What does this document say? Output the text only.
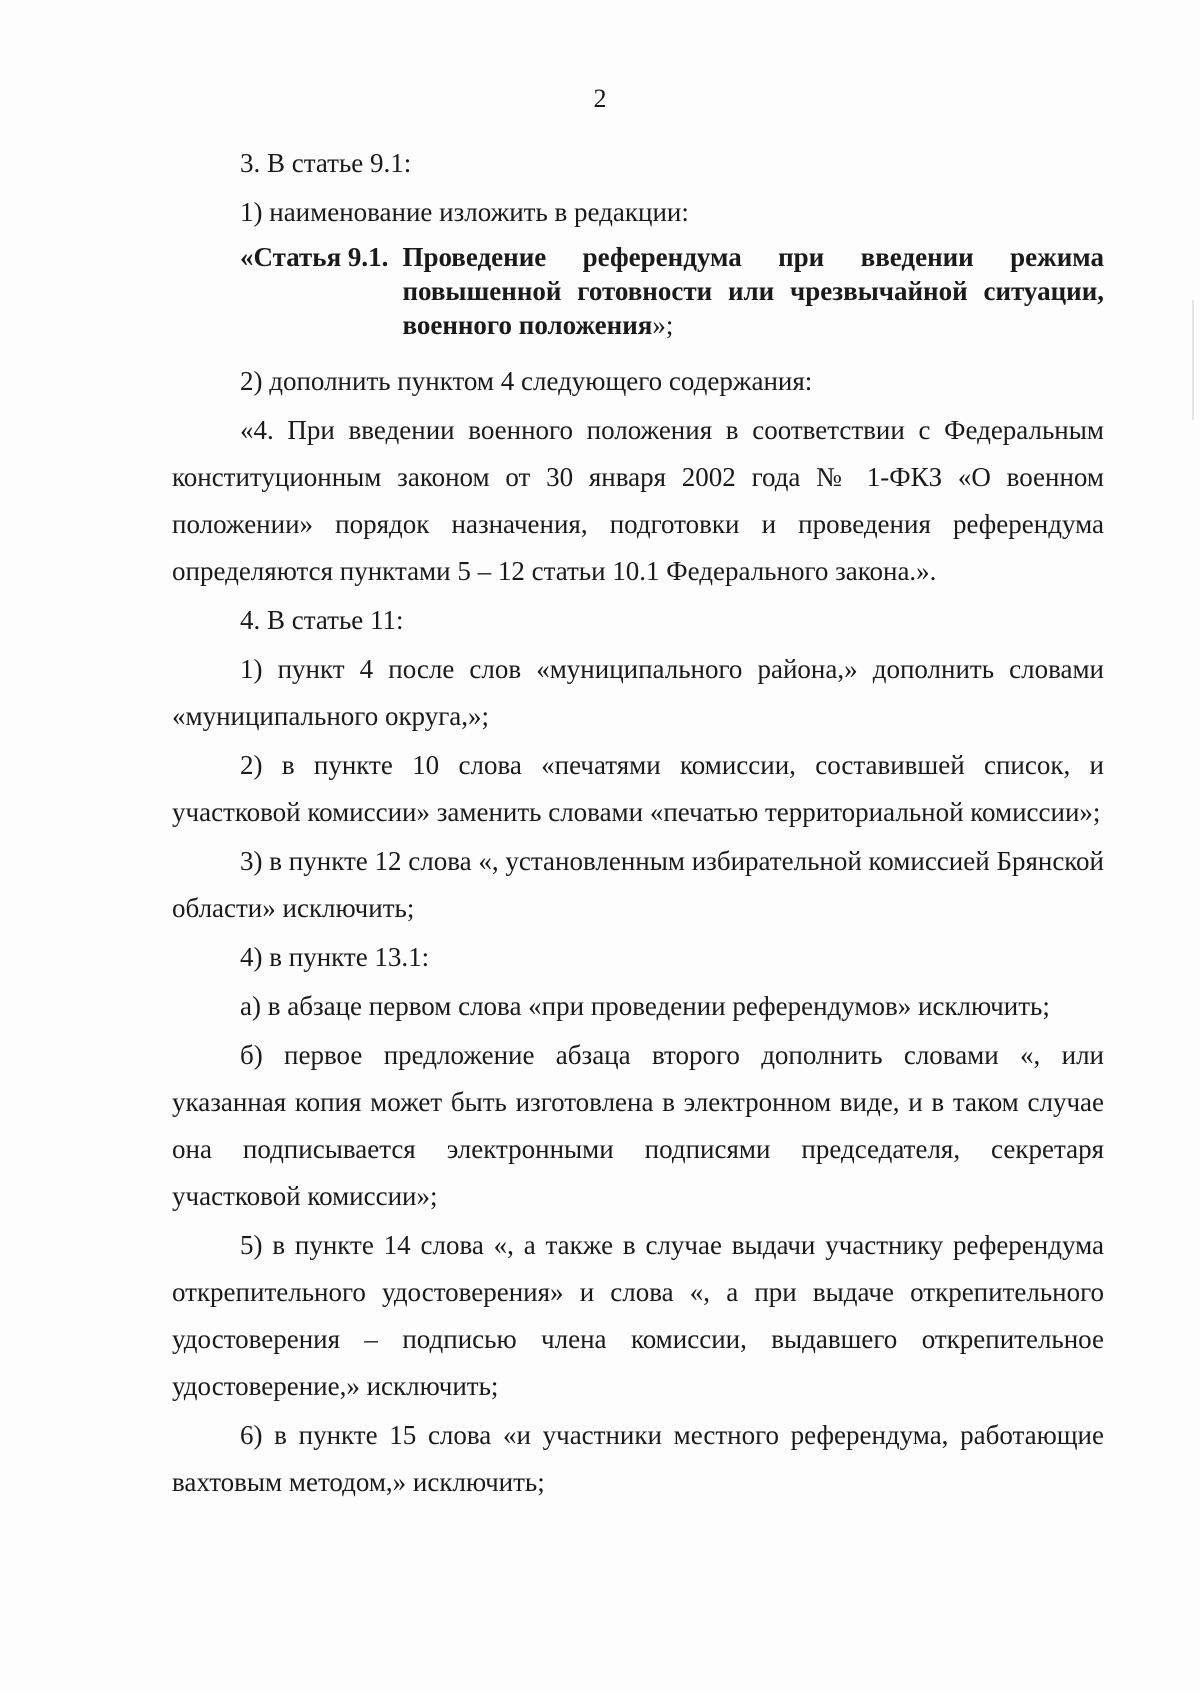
2

3. В статье 9.1:

1) наименование изложить в редакции:

«Статья 9.1. Проведение референдума при введении режима повышенной готовности или чрезвычайной ситуации, военного положения»;

2) дополнить пунктом 4 следующего содержания:

«4. При введении военного положения в соответствии с Федеральным конституционным законом от 30 января 2002 года № 1-ФКЗ «О военном положении» порядок назначения, подготовки и проведения референдума определяются пунктами 5 – 12 статьи 10.1 Федерального закона.».

4. В статье 11:

1) пункт 4 после слов «муниципального района,» дополнить словами «муниципального округа,»;

2) в пункте 10 слова «печатями комиссии, составившей список, и участковой комиссии» заменить словами «печатью территориальной комиссии»;

3) в пункте 12 слова «, установленным избирательной комиссией Брянской области» исключить;

4) в пункте 13.1:

а) в абзаце первом слова «при проведении референдумов» исключить;

б) первое предложение абзаца второго дополнить словами «, или указанная копия может быть изготовлена в электронном виде, и в таком случае она подписывается электронными подписями председателя, секретаря участковой комиссии»;

5) в пункте 14 слова «, а также в случае выдачи участнику референдума открепительного удостоверения» и слова «, а при выдаче открепительного удостоверения – подписью члена комиссии, выдавшего открепительное удостоверение,» исключить;

6) в пункте 15 слова «и участники местного референдума, работающие вахтовым методом,» исключить;
